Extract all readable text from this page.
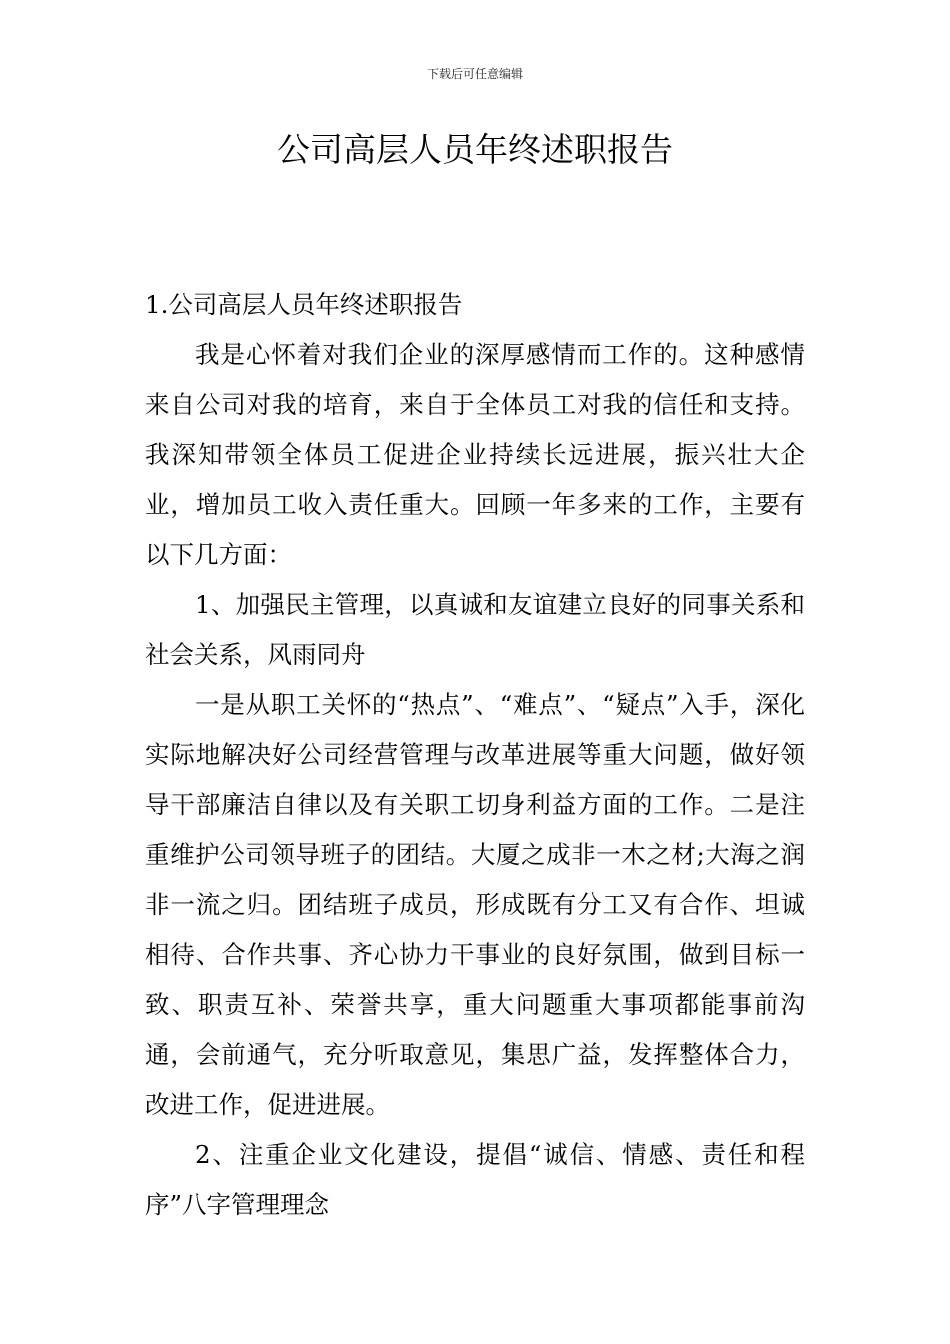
下载后可任意编辑
公司高层人员年终述职报告

1.公司高层人员年终述职报告

我是心怀着对我们企业的深厚感情而工作的。这种感情来自公司对我的培育，来自于全体员工对我的信任和支持。我深知带领全体员工促进企业持续长远进展，振兴壮大企业，增加员工收入责任重大。回顾一年多来的工作，主要有以下几方面：

1、加强民主管理，以真诚和友谊建立良好的同事关系和社会关系，风雨同舟

一是从职工关怀的“热点”、“难点”、“疑点”入手，深化实际地解决好公司经营管理与改革进展等重大问题，做好领导干部廉洁自律以及有关职工切身利益方面的工作。二是注重维护公司领导班子的团结。大厦之成非一木之材;大海之润非一流之归。团结班子成员，形成既有分工又有合作、坦诚相待、合作共事、齐心协力干事业的良好氛围，做到目标一致、职责互补、荣誉共享，重大问题重大事项都能事前沟通，会前通气，充分听取意见，集思广益，发挥整体合力，改进工作，促进进展。

2、注重企业文化建设，提倡“诚信、情感、责任和程序”八字管理理念
